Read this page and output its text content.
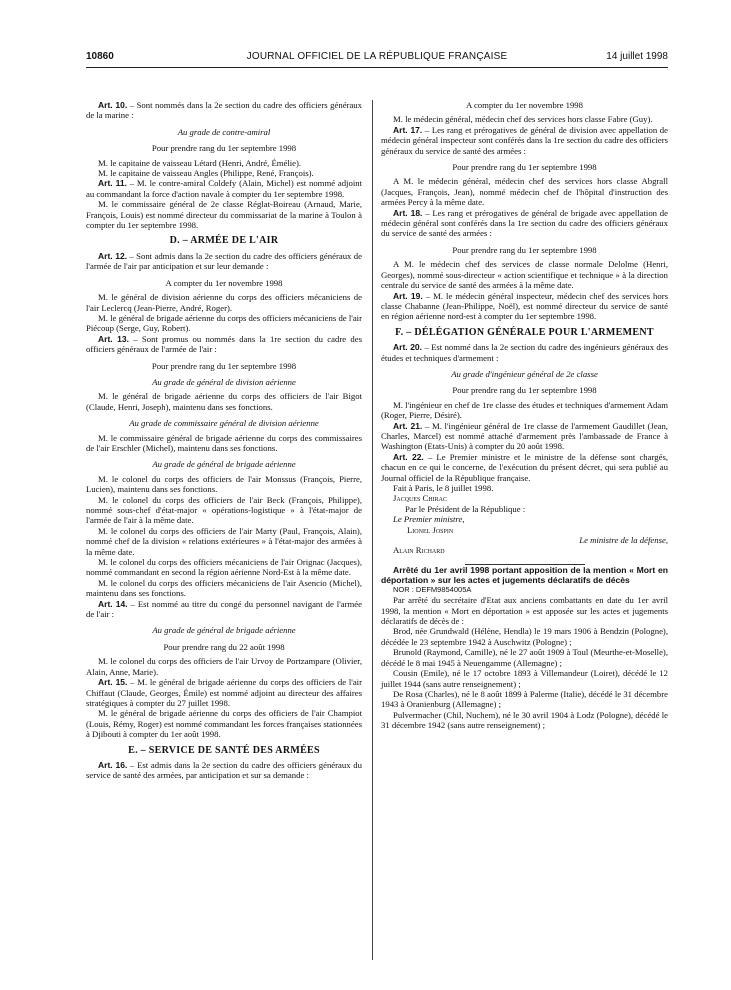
10860	JOURNAL OFFICIEL DE LA RÉPUBLIQUE FRANÇAISE	14 juillet 1998

Art. 10. – Sont nommés dans la 2e section du cadre des officiers généraux de la marine :

Au grade de contre-amiral

Pour prendre rang du 1er septembre 1998

M. le capitaine de vaisseau Létard (Henri, André, Émélie).

M. le capitaine de vaisseau Angles (Philippe, René, François).

Art. 11. – M. le contre-amiral Coldefy (Alain, Michel) est nommé adjoint au commandant la force d'action navale à compter du 1er septembre 1998.

M. le commissaire général de 2e classe Réglat-Boireau (Arnaud, Marie, François, Louis) est nommé directeur du commissariat de la marine à Toulon à compter du 1er septembre 1998.

D. – ARMÉE DE L'AIR

Art. 12. – Sont admis dans la 2e section du cadre des officiers généraux de l'armée de l'air par anticipation et sur leur demande :

A compter du 1er novembre 1998

M. le général de division aérienne du corps des officiers mécaniciens de l'air Leclercq (Jean-Pierre, André, Roger).

M. le général de brigade aérienne du corps des officiers mécaniciens de l'air Piécoup (Serge, Guy, Robert).

Art. 13. – Sont promus ou nommés dans la 1re section du cadre des officiers généraux de l'armée de l'air :

Pour prendre rang du 1er septembre 1998

Au grade de général de division aérienne

M. le général de brigade aérienne du corps des officiers de l'air Bigot (Claude, Henri, Joseph), maintenu dans ses fonctions.

Au grade de commissaire général de division aérienne

M. le commissaire général de brigade aérienne du corps des commissaires de l'air Erschler (Michel), maintenu dans ses fonctions.

Au grade de général de brigade aérienne

M. le colonel du corps des officiers de l'air Monssus (François, Pierre, Lucien), maintenu dans ses fonctions.

M. le colonel du corps des officiers de l'air Beck (François, Philippe), nommé sous-chef d'état-major « opérations-logistique » à l'état-major de l'armée de l'air à la même date.

M. le colonel du corps des officiers de l'air Marty (Paul, François, Alain), nommé chef de la division « relations extérieures » à l'état-major des armées à la même date.

M. le colonel du corps des officiers mécaniciens de l'air Orignac (Jacques), nommé commandant en second la région aérienne Nord-Est à la même date.

M. le colonel du corps des officiers mécaniciens de l'air Asencio (Michel), maintenu dans ses fonctions.

Art. 14. – Est nommé au titre du congé du personnel navigant de l'armée de l'air :

Au grade de général de brigade aérienne

Pour prendre rang du 22 août 1998

M. le colonel du corps des officiers de l'air Urvoy de Portzampare (Olivier, Alain, Anne, Marie).

Art. 15. – M. le général de brigade aérienne du corps des officiers de l'air Chiffaut (Claude, Georges, Émile) est nommé adjoint au directeur des affaires stratégiques à compter du 27 juillet 1998.

M. le général de brigade aérienne du corps des officiers de l'air Champiot (Louis, Rémy, Roger) est nommé commandant les forces françaises stationnées à Djibouti à compter du 1er août 1998.

E. – SERVICE DE SANTÉ DES ARMÉES

Art. 16. – Est admis dans la 2e section du cadre des officiers généraux du service de santé des armées, par anticipation et sur sa demande :

A compter du 1er novembre 1998

M. le médecin général, médecin chef des services hors classe Fabre (Guy).

Art. 17. – Les rang et prérogatives de général de division avec appellation de médecin général inspecteur sont conférés dans la 1re section du cadre des officiers généraux du service de santé des armées :

Pour prendre rang du 1er septembre 1998

A M. le médecin général, médecin chef des services hors classe Abgrall (Jacques, François, Jean), nommé médecin chef de l'hôpital d'instruction des armées Percy à la même date.

Art. 18. – Les rang et prérogatives de général de brigade avec appellation de médecin général sont conférés dans la 1re section du cadre des officiers généraux du service de santé des armées :

Pour prendre rang du 1er septembre 1998

A M. le médecin chef des services de classe normale Delolme (Henri, Georges), nommé sous-directeur « action scientifique et technique » à la direction centrale du service de santé des armées à la même date.

Art. 19. – M. le médecin général inspecteur, médecin chef des services hors classe Chabanne (Jean-Philippe, Noël), est nommé directeur du service de santé en région aérienne nord-est à compter du 1er septembre 1998.

F. – DÉLÉGATION GÉNÉRALE POUR L'ARMEMENT

Art. 20. – Est nommé dans la 2e section du cadre des ingénieurs généraux des études et techniques d'armement :

Au grade d'ingénieur général de 2e classe

Pour prendre rang du 1er septembre 1998

M. l'ingénieur en chef de 1re classe des études et techniques d'armement Adam (Roger, Pierre, Désiré).

Art. 21. – M. l'ingénieur général de 1re classe de l'armement Gaudillet (Jean, Charles, Marcel) est nommé attaché d'armement près l'ambassade de France à Washington (Etats-Unis) à compter du 20 août 1998.

Art. 22. – Le Premier ministre et le ministre de la défense sont chargés, chacun en ce qui le concerne, de l'exécution du présent décret, qui sera publié au Journal officiel de la République française.

Fait à Paris, le 8 juillet 1998.

Jacques Chirac

Par le Président de la République :

Le Premier ministre,

Lionel Jospin

Le ministre de la défense,

Alain Richard

Arrêté du 1er avril 1998 portant apposition de la mention « Mort en déportation » sur les actes et jugements déclaratifs de décès

NOR : DEFM9854005A

Par arrêté du secrétaire d'Etat aux anciens combattants en date du 1er avril 1998, la mention « Mort en déportation » est apposée sur les actes et jugements déclaratifs de décès de :

Brod, née Grundwald (Hélène, Hendla) le 19 mars 1906 à Bendzin (Pologne), décédée le 23 septembre 1942 à Auschwitz (Pologne) ;

Brunold (Raymond, Camille), né le 27 août 1909 à Toul (Meurthe-et-Moselle), décédé le 8 mai 1945 à Neuengamme (Allemagne) ;

Cousin (Emile), né le 17 octobre 1893 à Villemandeur (Loiret), décédé le 12 juillet 1944 (sans autre renseignement) ;

De Rosa (Charles), né le 8 août 1899 à Palerme (Italie), décédé le 31 décembre 1943 à Oranienburg (Allemagne) ;

Pulvermacher (Chil, Nuchem), né le 30 avril 1904 à Lodz (Pologne), décédé le 31 décembre 1942 (sans autre renseignement) ;
